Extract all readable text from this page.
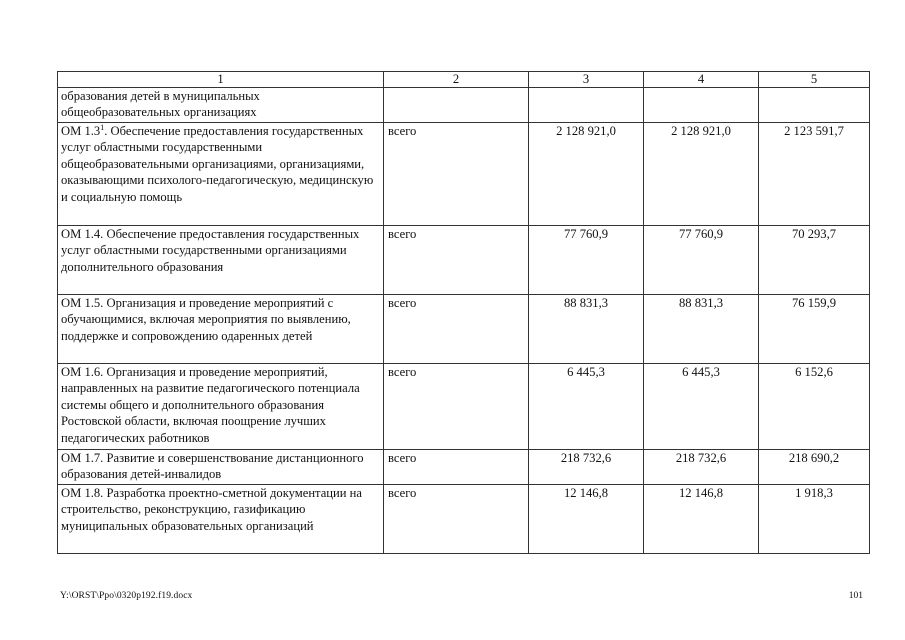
1	2	3	4	5
образования детей в муниципальных общеобразовательных организациях				
ОМ 1.3$^1$. Обеспечение предоставления государственных услуг областными государственными общеобразовательными организациями, организациями, оказывающими психолого-педагогическую, медицинскую и социальную помощь	всего	2 128 921,0	2 128 921,0	2 123 591,7
ОМ 1.4. Обеспечение предоставления государственных услуг областными государственными организациями дополнительного образования	всего	77 760,9	77 760,9	70 293,7
ОМ 1.5. Организация и проведение мероприятий с обучающимися, включая мероприятия по выявлению, поддержке и сопровождению одаренных детей	всего	88 831,3	88 831,3	76 159,9
ОМ 1.6. Организация и проведение мероприятий, направленных на развитие педагогического потенциала системы общего и дополнительного образования Ростовской области, включая поощрение лучших педагогических работников	всего	6 445,3	6 445,3	6 152,6
ОМ 1.7. Развитие и совершенствование дистанционного образования детей-инвалидов	всего	218 732,6	218 732,6	218 690,2
ОМ 1.8. Разработка проектно-сметной документации на строительство, реконструкцию, газификацию муниципальных образовательных организаций	всего	12 146,8	12 146,8	1 918,3
Y:\ORST\Ppo\0320p192.f19.docx	101
